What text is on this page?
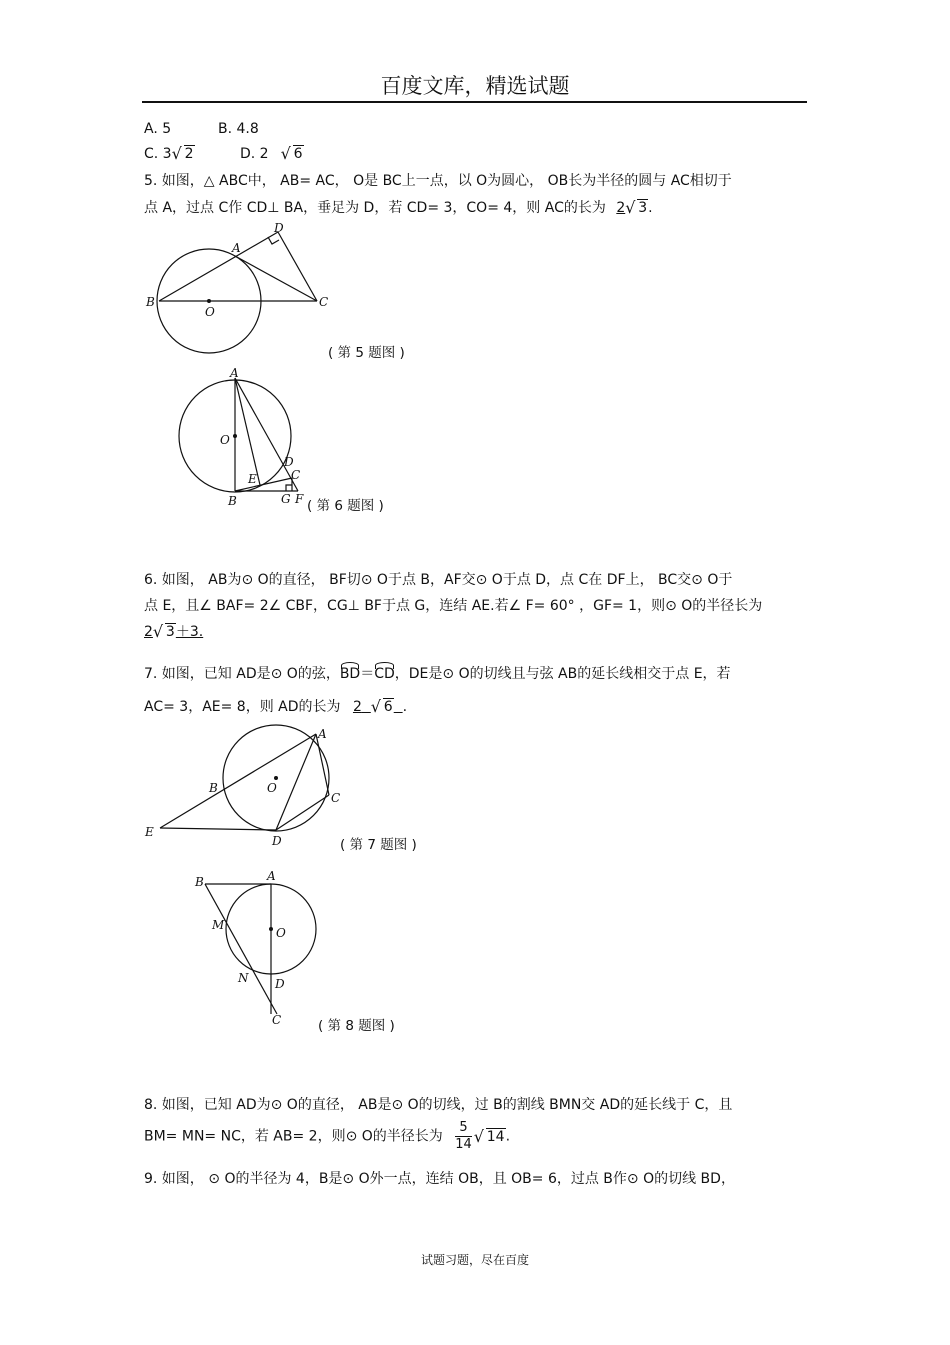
百度文库，精选试题
A. 5	B. 4.8
C. 3 √ 2	D. 2 √ 6
5. 如图，△ ABC中， AB= AC， O是 BC上一点，以 O为圆心， OB长为半径的圆与 AC相切于
点 A，过点 C作 CD⊥ BA，垂足为 D，若 CD= 3，CO= 4，则 AC的长为 2 √ 3.
B
O
A
D
C
( 第 5 题图 )
A
O
D
C
E
B	G F ( 第 6 题图 )
6. 如图， AB为⊙ O的直径， BF切⊙ O于点 B，AF交⊙ O于点 D，点 C在 DF上， BC交⊙ O于
点 E，且∠ BAF= 2∠ CBF，CG⊥ BF于点 G，连结 AE.若∠ F= 60° ，GF= 1，则⊙ O的半径长为
2 √ 3＋3.
7. 如图，已知 AD是⊙ O的弦，BD＝CD，DE是⊙ O的切线且与弦 AB的延长线相交于点 E，若
AC= 3，AE= 8，则 AD的长为 2 √ 6 .
A
B	O
C
E
D	( 第 7 题图 )
B	A
O
M
N D
C	( 第 8 题图 )
8. 如图，已知 AD为⊙ O的直径， AB是⊙ O的切线，过 B的割线 BMN交 AD的延长线于 C，且
BM= MN= NC，若 AB= 2，则⊙ O的半径长为 $\frac{5}{14}$ √ 14.
9. 如图， ⊙ O的半径为 4，B是⊙ O外一点，连结 OB，且 OB= 6，过点 B作⊙ O的切线 BD，
试题习题，尽在百度
